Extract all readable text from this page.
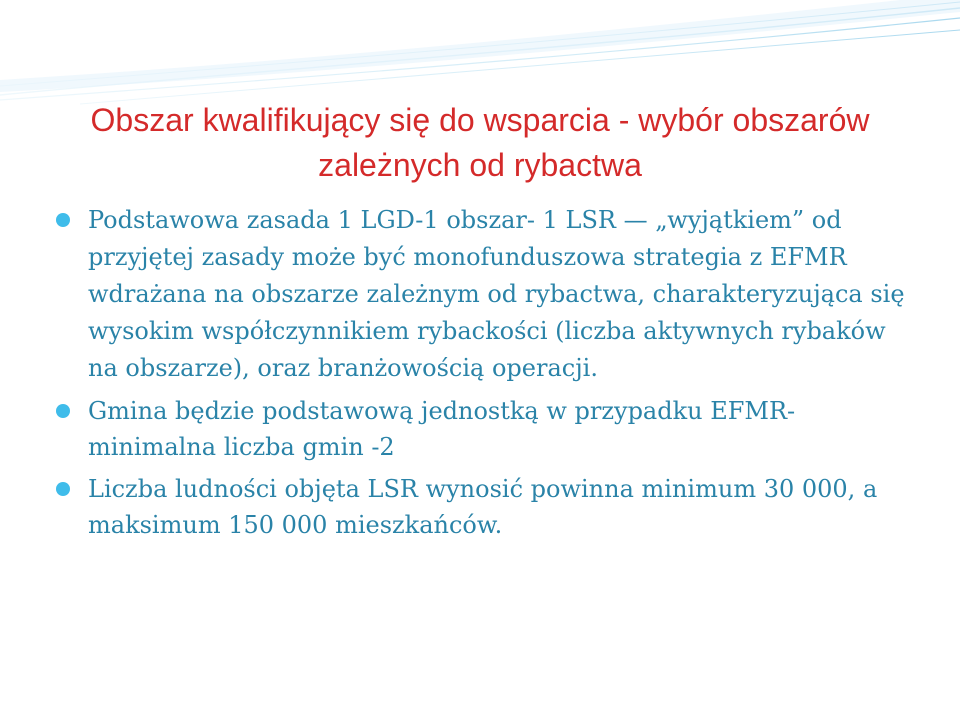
Obszar kwalifikujący się do wsparcia - wybór obszarów zależnych od rybactwa
Podstawowa zasada 1 LGD-1 obszar- 1 LSR — „wyjątkiem” od przyjętej zasady może być monofunduszowa strategia z EFMR wdrażana na obszarze zależnym od rybactwa, charakteryzująca się wysokim współczynnikiem rybackości (liczba aktywnych rybaków na obszarze), oraz branżowością operacji.
Gmina będzie podstawową jednostką w przypadku EFMR- minimalna liczba gmin -2
Liczba ludności objęta LSR wynosić powinna minimum 30 000, a maksimum 150 000 mieszkańców.
